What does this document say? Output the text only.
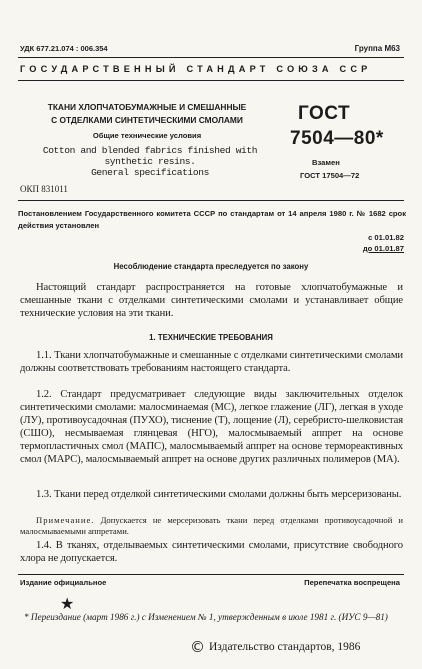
УДК 677.21.074 : 006.354	Группа М63
ГОСУДАРСТВЕННЫЙ СТАНДАРТ СОЮЗА ССР
ТКАНИ ХЛОПЧАТОБУМАЖНЫЕ И СМЕШАННЫЕ
С ОТДЕЛКАМИ СИНТЕТИЧЕСКИМИ СМОЛАМИ
Общие технические условия
Cotton and blended fabrics finished with synthetic resins.
General specifications
ГОСТ
7504—80*
Взамен
ГОСТ 17504—72
ОКП 831011
Постановлением Государственного комитета СССР по стандартам от 14 апреля 1980 г. № 1682 срок действия установлен
с 01.01.82
до 01.01.87
Несоблюдение стандарта преследуется по закону
Настоящий стандарт распространяется на готовые хлопчатобумажные и смешанные ткани с отделками синтетическими смолами и устанавливает общие технические условия на эти ткани.
1. ТЕХНИЧЕСКИЕ ТРЕБОВАНИЯ
1.1. Ткани хлопчатобумажные и смешанные с отделками синтетическими смолами должны соответствовать требованиям настоящего стандарта.
1.2. Стандарт предусматривает следующие виды заключительных отделок синтетическими смолами: малосминаемая (МС), легкое глажение (ЛГ), легкая в уходе (ЛУ), противоусадочная (ПУХО), тиснение (Т), лощение (Л), серебристо-шелковистая (СШО), несмываемая глянцевая (НГО), малосмываемый аппрет на основе термопластичных смол (МАПС), малосмываемый аппрет на основе термореактивных смол (МАРС), малосмываемый аппрет на основе других различных полимеров (МА).
1.3. Ткани перед отделкой синтетическими смолами должны быть мерсеризованы.
Примечание. Допускается не мерсеризовать ткани перед отделками противоусадочной и малосмываемыми аппретами.
1.4. В тканях, отделываемых синтетическими смолами, присутствие свободного хлора не допускается.
Издание официальное	Перепечатка воспрещена
★
* Переиздание (март 1986 г.) с Изменением № 1, утвержденным в июле 1981 г. (ИУС 9—81)
© Издательство стандартов, 1986
